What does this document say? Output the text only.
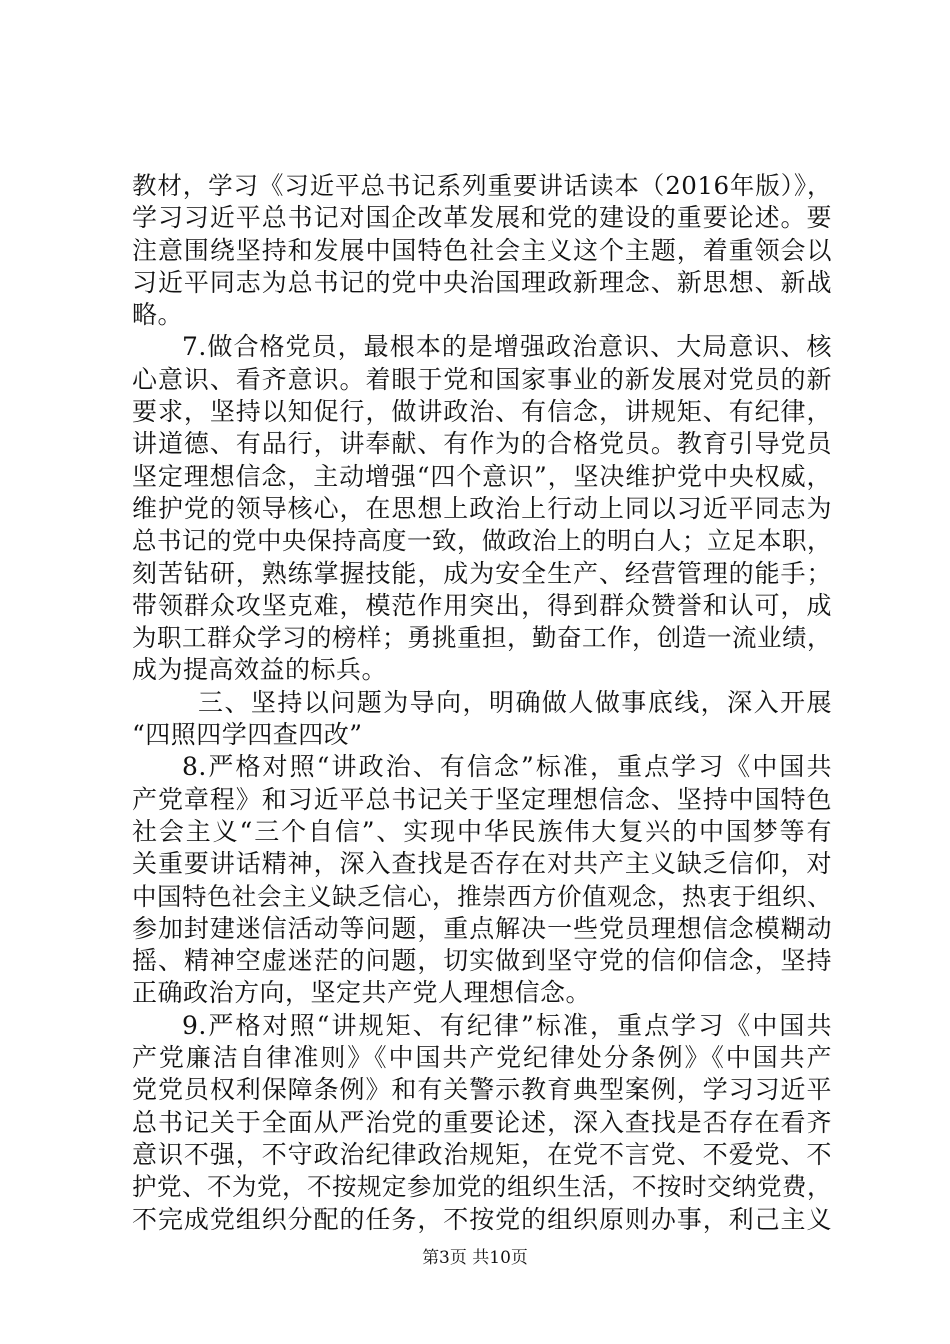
教材，学习《习近平总书记系列重要讲话读本（2016年版）》，
学习习近平总书记对国企改革发展和党的建设的重要论述。要
注意围绕坚持和发展中国特色社会主义这个主题，着重领会以
习近平同志为总书记的党中央治国理政新理念、新思想、新战
略。
7.做合格党员，最根本的是增强政治意识、大局意识、核
心意识、看齐意识。着眼于党和国家事业的新发展对党员的新
要求，坚持以知促行，做讲政治、有信念，讲规矩、有纪律，
讲道德、有品行，讲奉献、有作为的合格党员。教育引导党员
坚定理想信念，主动增强“四个意识”，坚决维护党中央权威，
维护党的领导核心，在思想上政治上行动上同以习近平同志为
总书记的党中央保持高度一致，做政治上的明白人；立足本职，
刻苦钻研，熟练掌握技能，成为安全生产、经营管理的能手；
带领群众攻坚克难，模范作用突出，得到群众赞誉和认可，成
为职工群众学习的榜样；勇挑重担，勤奋工作，创造一流业绩，
成为提高效益的标兵。
三、坚持以问题为导向，明确做人做事底线，深入开展
“四照四学四查四改”
8.严格对照“讲政治、有信念”标准，重点学习《中国共
产党章程》和习近平总书记关于坚定理想信念、坚持中国特色
社会主义“三个自信”、实现中华民族伟大复兴的中国梦等有
关重要讲话精神，深入查找是否存在对共产主义缺乏信仰，对
中国特色社会主义缺乏信心，推崇西方价值观念，热衷于组织、
参加封建迷信活动等问题，重点解决一些党员理想信念模糊动
摇、精神空虚迷茫的问题，切实做到坚守党的信仰信念，坚持
正确政治方向，坚定共产党人理想信念。
9.严格对照“讲规矩、有纪律”标准，重点学习《中国共
产党廉洁自律准则》《中国共产党纪律处分条例》《中国共产
党党员权利保障条例》和有关警示教育典型案例，学习习近平
总书记关于全面从严治党的重要论述，深入查找是否存在看齐
意识不强，不守政治纪律政治规矩，在党不言党、不爱党、不
护党、不为党，不按规定参加党的组织生活，不按时交纳党费，
不完成党组织分配的任务，不按党的组织原则办事，利己主义
第3页 共10页
